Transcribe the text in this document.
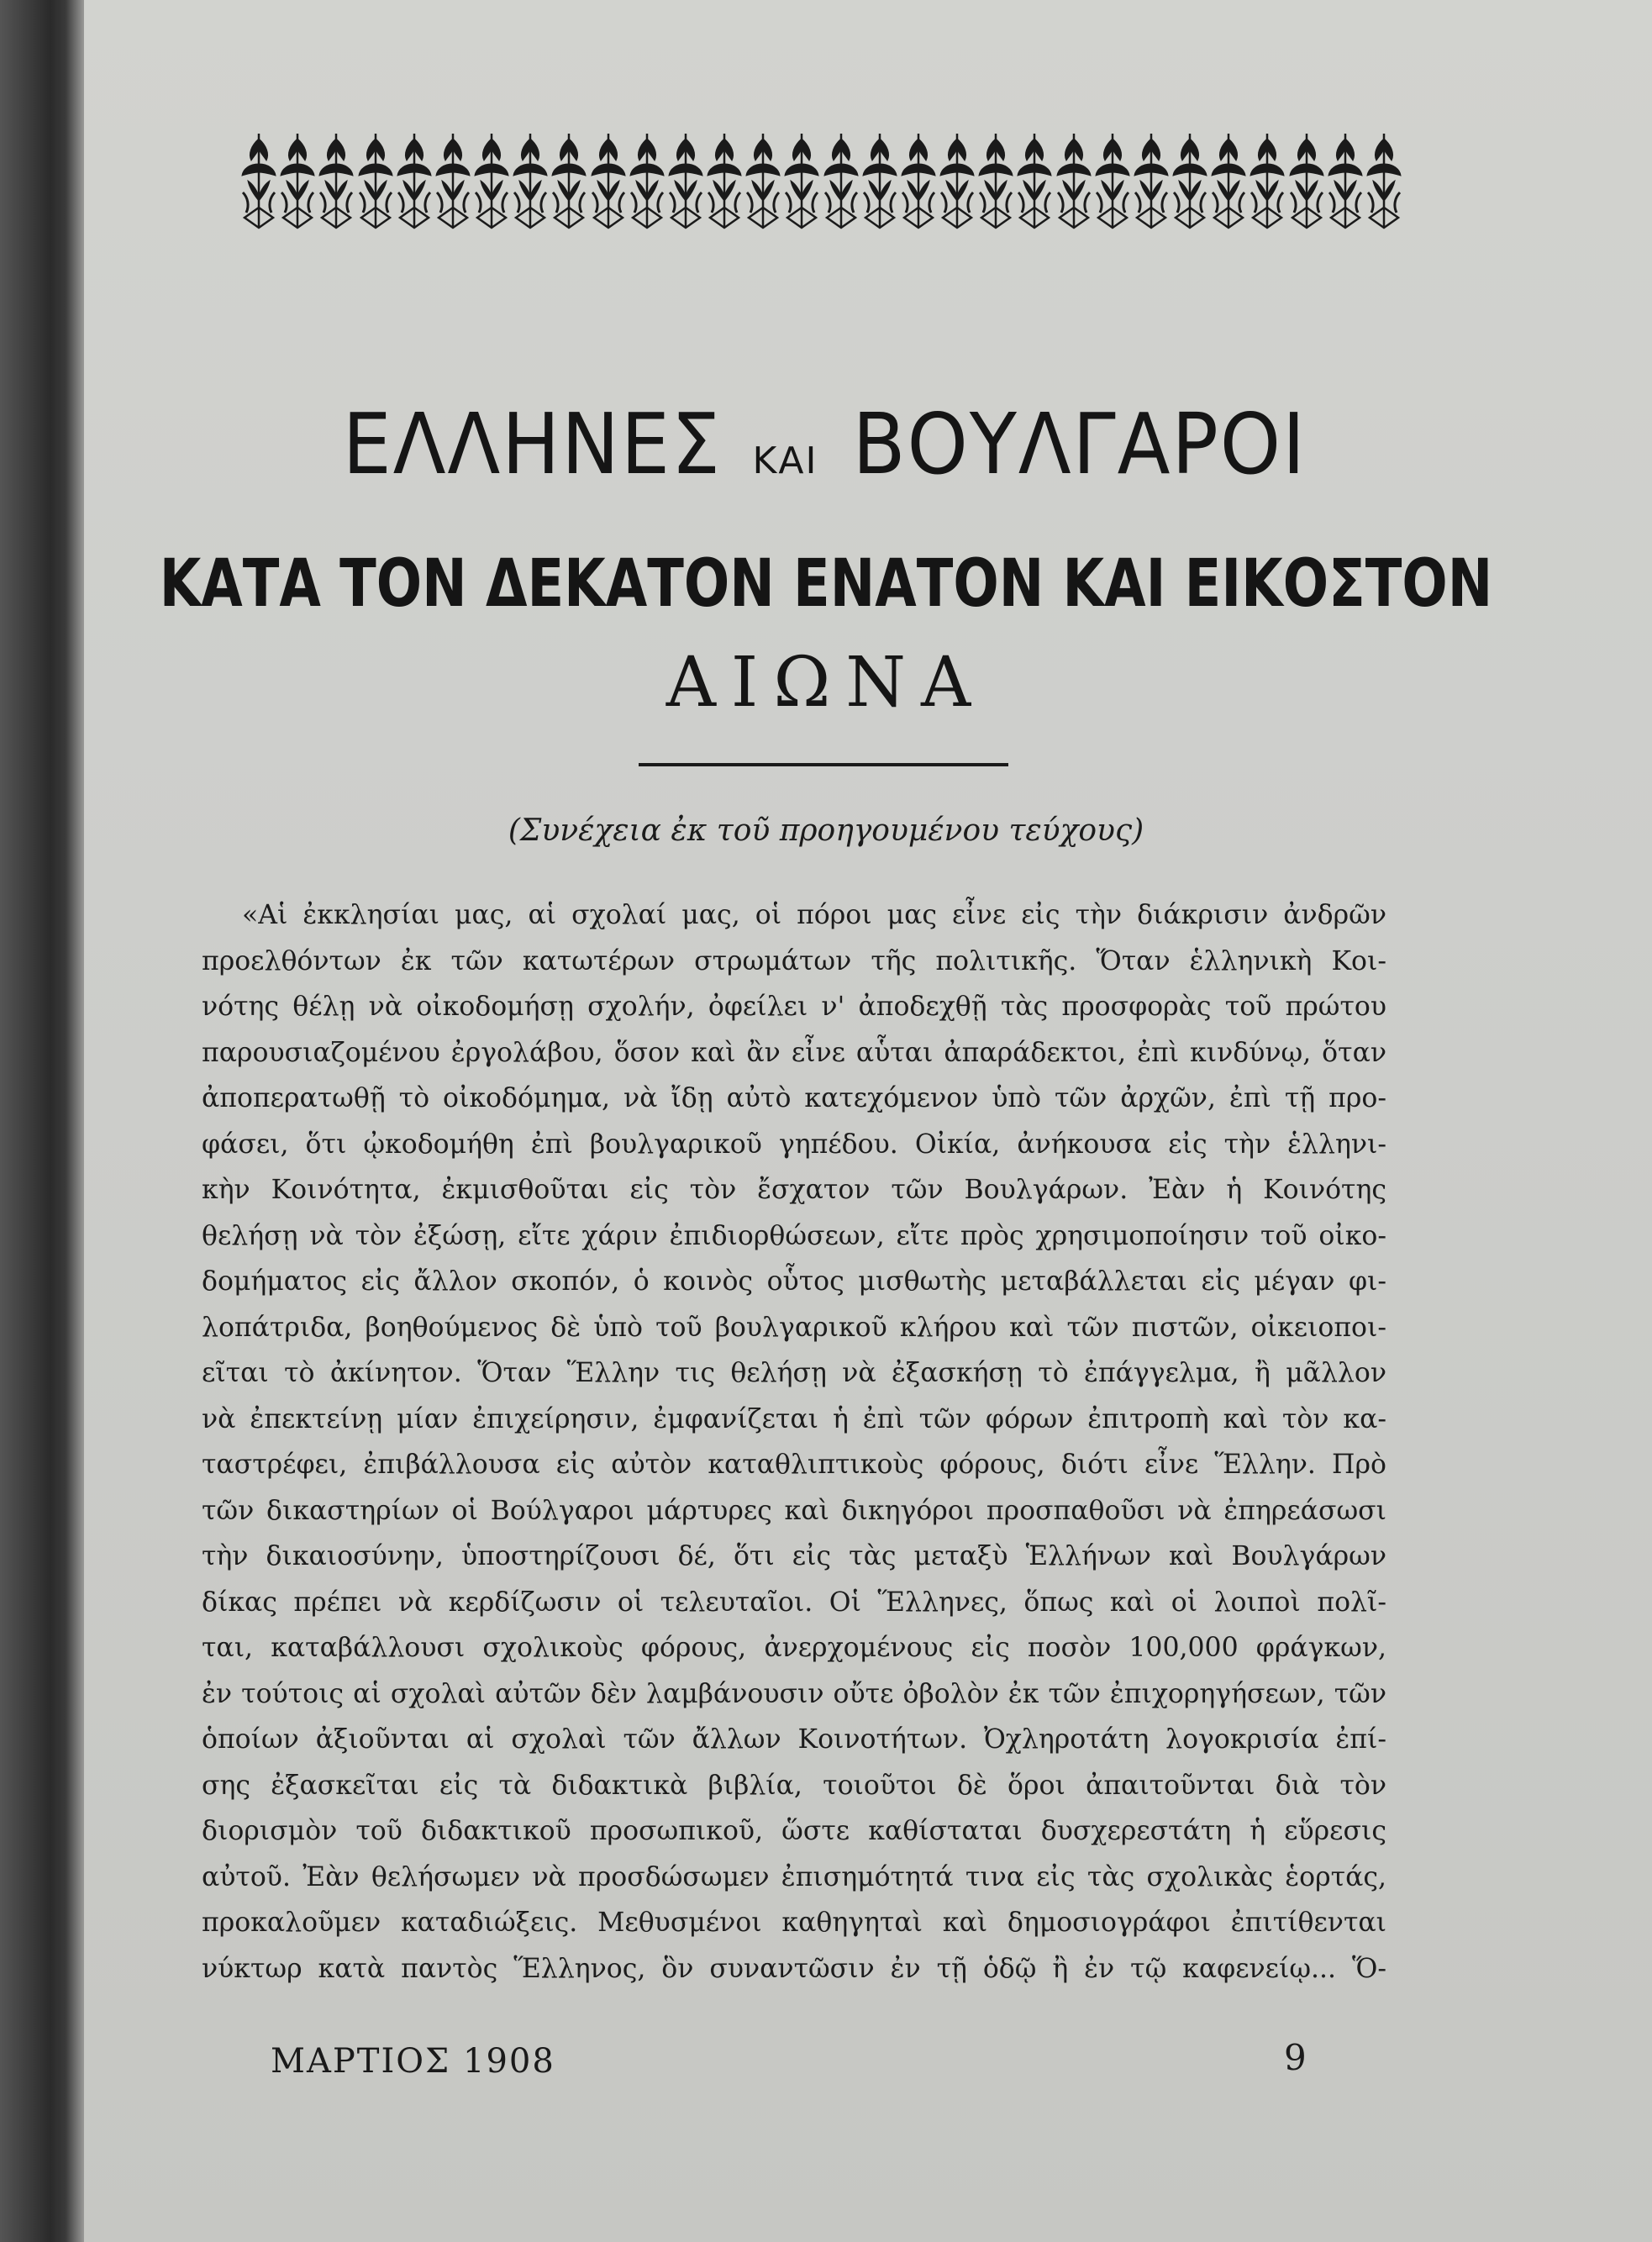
ΕΛΛΗΝΕΣ ΚΑΙ ΒΟΥΛΓΑΡΟΙ
ΚΑΤΑ ΤΟΝ ΔΕΚΑΤΟΝ ΕΝΑΤΟΝ ΚΑΙ ΕΙΚΟΣΤΟΝ
ΑΙΩΝΑ
(Συνέχεια ἐκ τοῦ προηγουμένου τεύχους)
«Αἱ ἐκκλησίαι μας, αἱ σχολαί μας, οἱ πόροι μας εἶνε εἰς τὴν διάκρισιν ἀνδρῶν
προελθόντων ἐκ τῶν κατωτέρων στρωμάτων τῆς πολιτικῆς. Ὅταν ἑλληνικὴ Κοι-
νότης θέλῃ νὰ οἰκοδομήσῃ σχολήν, ὀφείλει ν' ἀποδεχθῇ τὰς προσφορὰς τοῦ πρώτου
παρουσιαζομένου ἐργολάβου, ὅσον καὶ ἂν εἶνε αὗται ἀπαράδεκτοι, ἐπὶ κινδύνῳ, ὅταν
ἀποπερατωθῇ τὸ οἰκοδόμημα, νὰ ἴδῃ αὐτὸ κατεχόμενον ὑπὸ τῶν ἀρχῶν, ἐπὶ τῇ προ-
φάσει, ὅτι ᾠκοδομήθη ἐπὶ βουλγαρικοῦ γηπέδου. Οἰκία, ἀνήκουσα εἰς τὴν ἑλληνι-
κὴν Κοινότητα, ἐκμισθοῦται εἰς τὸν ἔσχατον τῶν Βουλγάρων. Ἐὰν ἡ Κοινότης
θελήσῃ νὰ τὸν ἐξώσῃ, εἴτε χάριν ἐπιδιορθώσεων, εἴτε πρὸς χρησιμοποίησιν τοῦ οἰκο-
δομήματος εἰς ἄλλον σκοπόν, ὁ κοινὸς οὗτος μισθωτὴς μεταβάλλεται εἰς μέγαν φι-
λοπάτριδα, βοηθούμενος δὲ ὑπὸ τοῦ βουλγαρικοῦ κλήρου καὶ τῶν πιστῶν, οἰκειοποι-
εῖται τὸ ἀκίνητον. Ὅταν Ἕλλην τις θελήσῃ νὰ ἐξασκήσῃ τὸ ἐπάγγελμα, ἢ μᾶλλον
νὰ ἐπεκτείνῃ μίαν ἐπιχείρησιν, ἐμφανίζεται ἡ ἐπὶ τῶν φόρων ἐπιτροπὴ καὶ τὸν κα-
ταστρέφει, ἐπιβάλλουσα εἰς αὐτὸν καταθλιπτικοὺς φόρους, διότι εἶνε Ἕλλην. Πρὸ
τῶν δικαστηρίων οἱ Βούλγαροι μάρτυρες καὶ δικηγόροι προσπαθοῦσι νὰ ἐπηρεάσωσι
τὴν δικαιοσύνην, ὑποστηρίζουσι δέ, ὅτι εἰς τὰς μεταξὺ Ἑλλήνων καὶ Βουλγάρων
δίκας πρέπει νὰ κερδίζωσιν οἱ τελευταῖοι. Οἱ Ἕλληνες, ὅπως καὶ οἱ λοιποὶ πολῖ-
ται, καταβάλλουσι σχολικοὺς φόρους, ἀνερχομένους εἰς ποσὸν 100,000 φράγκων,
ἐν τούτοις αἱ σχολαὶ αὐτῶν δὲν λαμβάνουσιν οὔτε ὀβολὸν ἐκ τῶν ἐπιχορηγήσεων, τῶν
ὁποίων ἀξιοῦνται αἱ σχολαὶ τῶν ἄλλων Κοινοτήτων. Ὀχληροτάτη λογοκρισία ἐπί-
σης ἐξασκεῖται εἰς τὰ διδακτικὰ βιβλία, τοιοῦτοι δὲ ὅροι ἀπαιτοῦνται διὰ τὸν
διορισμὸν τοῦ διδακτικοῦ προσωπικοῦ, ὥστε καθίσταται δυσχερεστάτη ἡ εὕρεσις
αὐτοῦ. Ἐὰν θελήσωμεν νὰ προσδώσωμεν ἐπισημότητά τινα εἰς τὰς σχολικὰς ἑορτάς,
προκαλοῦμεν καταδιώξεις. Μεθυσμένοι καθηγηταὶ καὶ δημοσιογράφοι ἐπιτίθενται
νύκτωρ κατὰ παντὸς Ἕλληνος, ὃν συναντῶσιν ἐν τῇ ὁδῷ ἢ ἐν τῷ καφενείῳ... Ὅ-
ΜΑΡΤΙΟΣ 1908	9
